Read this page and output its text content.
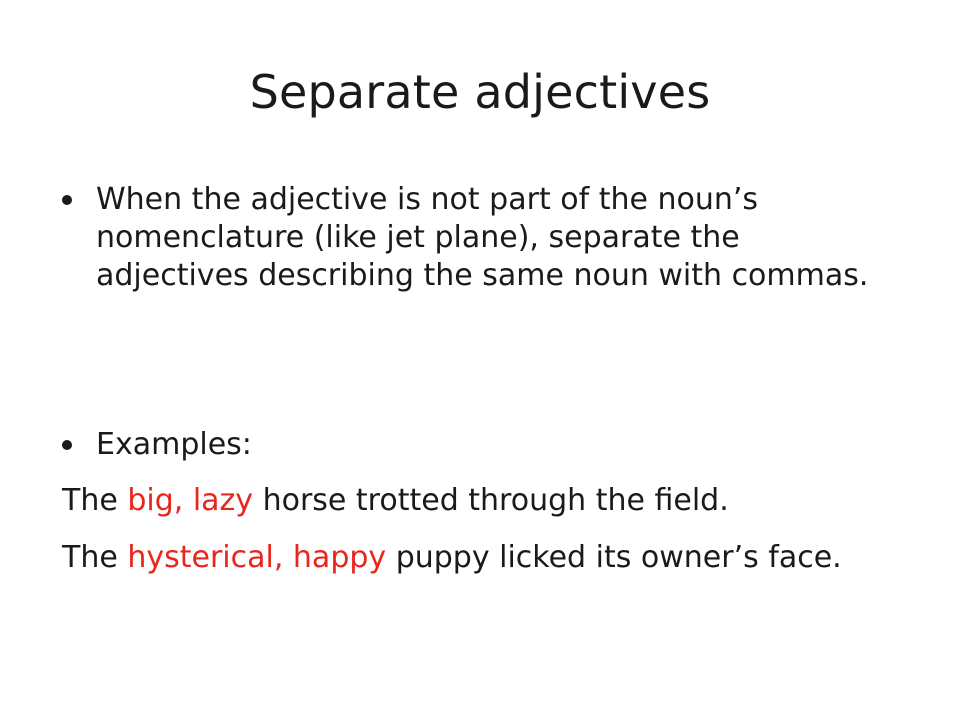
Separate adjectives
When the adjective is not part of the noun’s nomenclature (like jet plane), separate the adjectives describing the same noun with commas.
Examples:
The big, lazy horse trotted through the field.
The hysterical, happy puppy licked its owner’s face.
